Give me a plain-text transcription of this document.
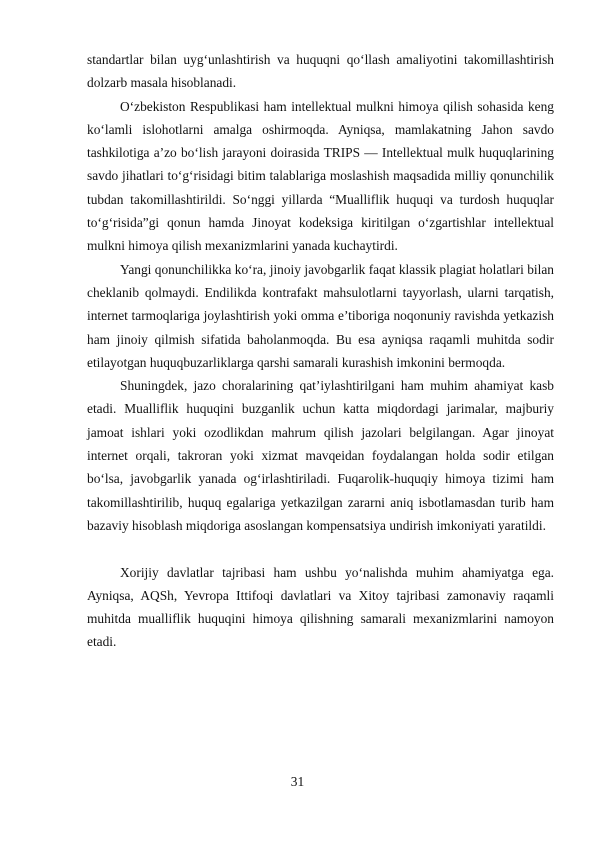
standartlar bilan uyg‘unlashtirish va huquqni qo‘llash amaliyotini takomillashtirish dolzarb masala hisoblanadi.

O‘zbekiston Respublikasi ham intellektual mulkni himoya qilish sohasida keng ko‘lamli islohotlarni amalga oshirmoqda. Ayniqsa, mamlakatning Jahon savdo tashkilotiga a’zo bo‘lish jarayoni doirasida TRIPS — Intellektual mulk huquqlarining savdo jihatlari to‘g‘risidagi bitim talablariga moslashish maqsadida milliy qonunchilik tubdan takomillashtirildi. So‘nggi yillarda “Mualliflik huquqi va turdosh huquqlar to‘g‘risida”gi qonun hamda Jinoyat kodeksiga kiritilgan o‘zgartishlar intellektual mulkni himoya qilish mexanizmlarini yanada kuchaytirdi.

Yangi qonunchilikka ko‘ra, jinoiy javobgarlik faqat klassik plagiat holatlari bilan cheklanib qolmaydi. Endilikda kontrafakt mahsulotlarni tayyorlash, ularni tarqatish, internet tarmoqlariga joylashtirish yoki omma e’tiboriga noqonuniy ravishda yetkazish ham jinoiy qilmish sifatida baholanmoqda. Bu esa ayniqsa raqamli muhitda sodir etilayotgan huquqbuzarliklarga qarshi samarali kurashish imkonini bermoqda.

Shuningdek, jazo choralarining qat’iylashtirilgani ham muhim ahamiyat kasb etadi. Mualliflik huquqini buzganlik uchun katta miqdordagi jarimalar, majburiy jamoat ishlari yoki ozodlikdan mahrum qilish jazolari belgilangan. Agar jinoyat internet orqali, takroran yoki xizmat mavqeidan foydalangan holda sodir etilgan bo‘lsa, javobgarlik yanada og‘irlashtiriladi. Fuqarolik-huquqiy himoya tizimi ham takomillashtirilib, huquq egalariga yetkazilgan zararni aniq isbotlamasdan turib ham bazaviy hisoblash miqdoriga asoslangan kompensatsiya undirish imkoniyati yaratildi.

Xorijiy davlatlar tajribasi ham ushbu yo‘nalishda muhim ahamiyatga ega. Ayniqsa, AQSh, Yevropa Ittifoqi davlatlari va Xitoy tajribasi zamonaviy raqamli muhitda mualliflik huquqini himoya qilishning samarali mexanizmlarini namoyon etadi.

31
